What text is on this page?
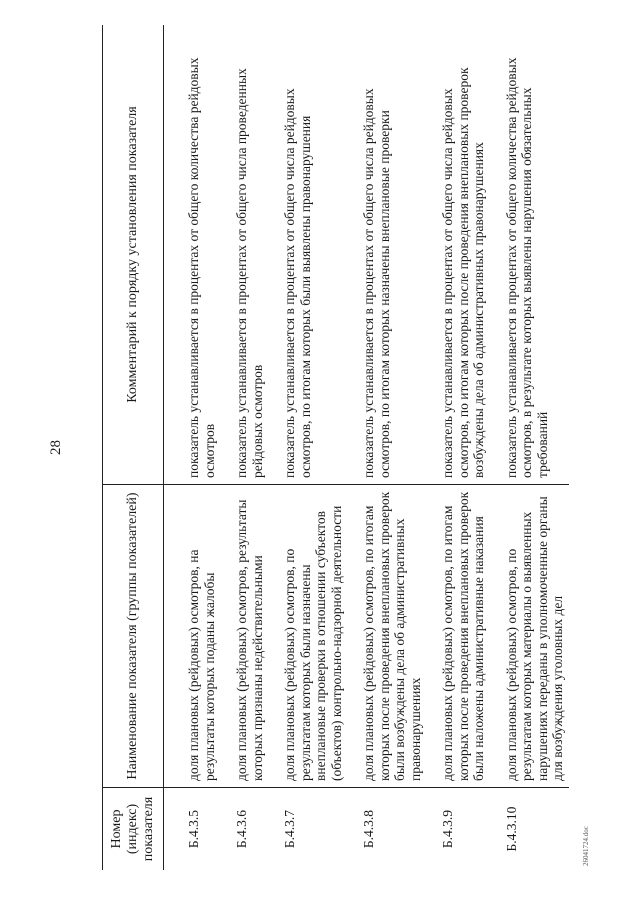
28
Номер (индекс) показателя	Наименование показателя (группы показателей)	Комментарий к порядку установления показателя
Б.4.3.5	доля плановых (рейдовых) осмотров, на результаты которых поданы жалобы	показатель устанавливается в процентах от общего количества рейдовых осмотров
Б.4.3.6	доля плановых (рейдовых) осмотров, результаты которых признаны недействительными	показатель устанавливается в процентах от общего числа проведенных рейдовых осмотров
Б.4.3.7	доля плановых (рейдовых) осмотров, по результатам которых были назначены внеплановые проверки в отношении субъектов (объектов) контрольно-надзорной деятельности	показатель устанавливается в процентах от общего числа рейдовых осмотров, по итогам которых были выявлены правонарушения
Б.4.3.8	доля плановых (рейдовых) осмотров, по итогам которых после проведения внеплановых проверок были возбуждены дела об административных правонарушениях	показатель устанавливается в процентах от общего числа рейдовых осмотров, по итогам которых назначены внеплановые проверки
Б.4.3.9	доля плановых (рейдовых) осмотров, по итогам которых после проведения внеплановых проверок были наложены административные наказания	показатель устанавливается в процентах от общего числа рейдовых осмотров, по итогам которых после проведения внеплановых проверок возбуждены дела об административных правонарушениях
Б.4.3.10	доля плановых (рейдовых) осмотров, по результатам которых материалы о выявленных нарушениях переданы в уполномоченные органы для возбуждения уголовных дел	показатель устанавливается в процентах от общего количества рейдовых осмотров, в результате которых выявлены нарушения обязательных требований
26041724.doc
